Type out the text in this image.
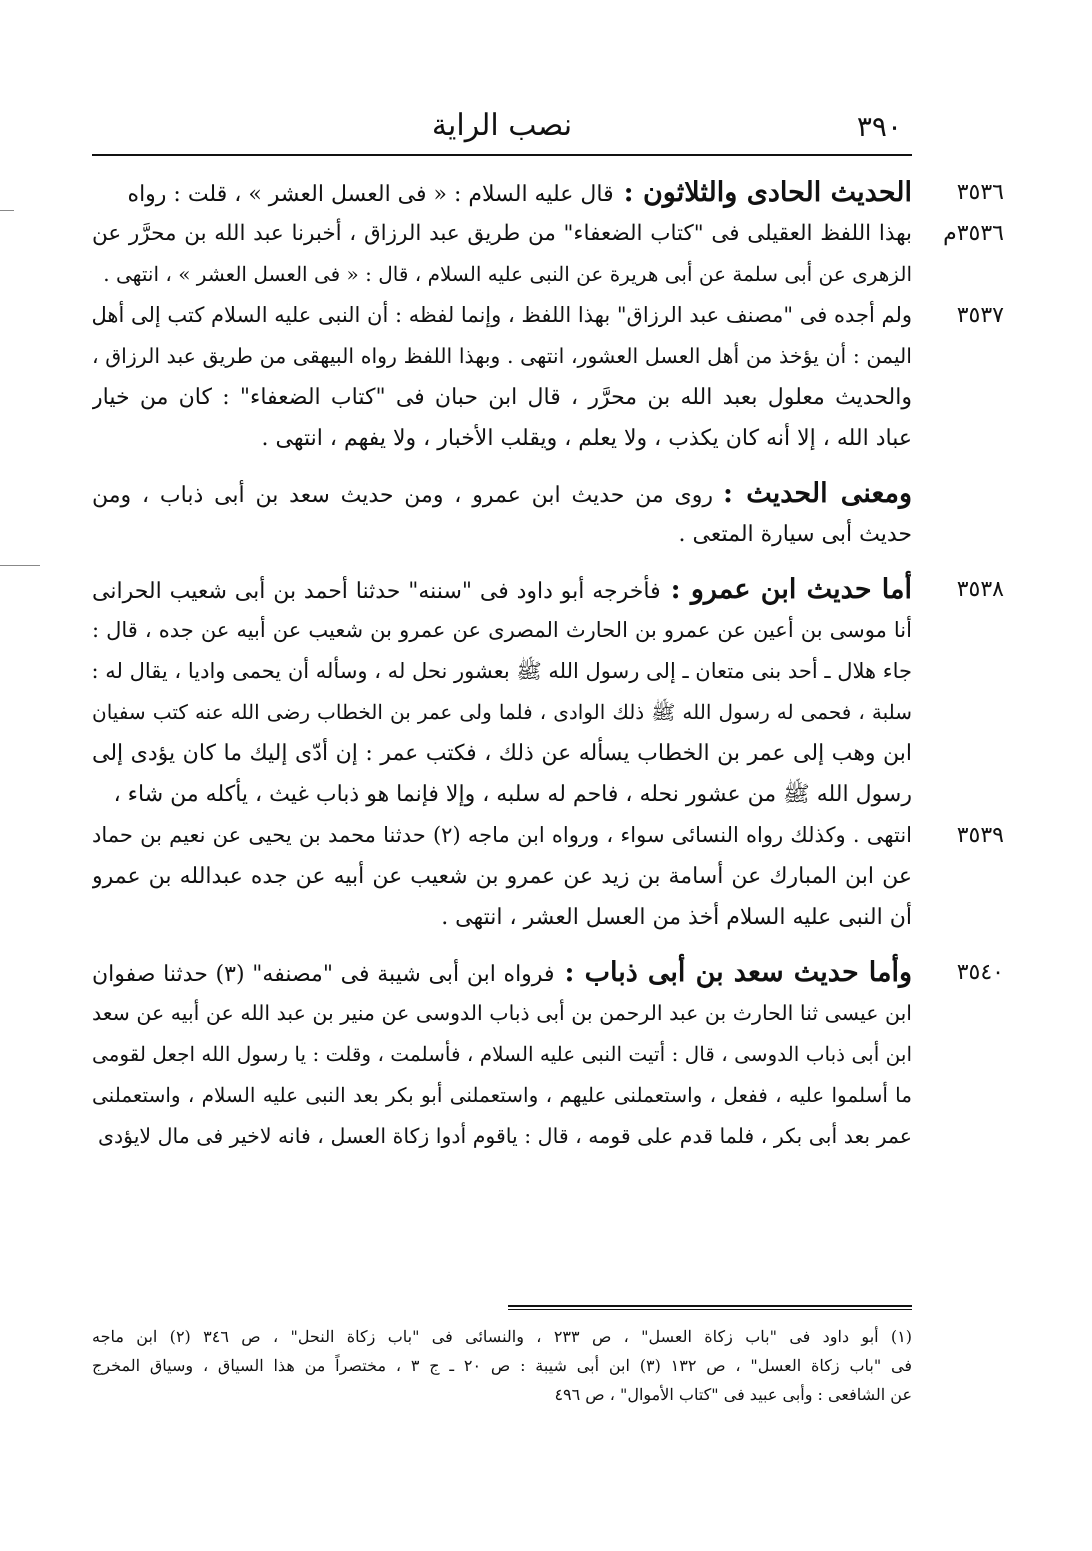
نصب الراية	٣٩٠
٣٥٣٦
الحديث الحادى والثلاثون :قال عليه السلام : « فى العسل العشر » ، قلت : رواه
٣٥٣٦م
بهذا اللفظ العقيلى فى "كتاب الضعفاء" من طريق عبد الرزاق ، أخبرنا عبد الله بن محرَّر عن
الزهرى عن أبى سلمة عن أبى هريرة عن النبى عليه السلام ، قال : « فى العسل العشر » ، انتهى .
٣٥٣٧
ولم أجده فى "مصنف عبد الرزاق" بهذا اللفظ ، وإنما لفظه : أن النبى عليه السلام كتب إلى أهل
اليمن : أن يؤخذ من أهل العسل العشور، انتهى . وبهذا اللفظ رواه البيهقى من طريق عبد الرزاق ،
والحديث معلول بعبد الله بن محرَّر ، قال ابن حبان فى "كتاب الضعفاء" : كان من خيار
عباد الله ، إلا أنه كان يكذب ، ولا يعلم ، ويقلب الأخبار ، ولا يفهم ، انتهى .
ومعنى الحديث :روى من حديث ابن عمرو ، ومن حديث سعد بن أبى ذباب ، ومن
حديث أبى سيارة المتعى .
٣٥٣٨
أما حديث ابن عمرو :فأخرجه أبو داود فى "سننه" حدثنا أحمد بن أبى شعيب الحرانى
أنا موسى بن أعين عن عمرو بن الحارث المصرى عن عمرو بن شعيب عن أبيه عن جده ، قال :
جاء هلال ـ أحد بنى متعان ـ إلى رسول الله ﷺ بعشور نحل له ، وسأله أن يحمى واديا ، يقال له :
سلبة ، فحمى له رسول الله ﷺ ذلك الوادى ، فلما ولى عمر بن الخطاب رضى الله عنه كتب سفيان
ابن وهب إلى عمر بن الخطاب يسأله عن ذلك ، فكتب عمر : إن أدّى إليك ما كان يؤدى إلى
رسول الله ﷺ من عشور نحله ، فاحم له سلبه ، وإلا فإنما هو ذباب غيث ، يأكله من شاء ،
٣٥٣٩
انتهى . وكذلك رواه النسائى سواء ، ورواه ابن ماجه (٢) حدثنا محمد بن يحيى عن نعيم بن حماد
عن ابن المبارك عن أسامة بن زيد عن عمرو بن شعيب عن أبيه عن جده عبدالله بن عمرو
أن النبى عليه السلام أخذ من العسل العشر ، انتهى .
٣٥٤٠
وأما حديث سعد بن أبى ذباب :فرواه ابن أبى شيبة فى "مصنفه" (٣) حدثنا صفوان
ابن عيسى ثنا الحارث بن عبد الرحمن بن أبى ذباب الدوسى عن منير بن عبد الله عن أبيه عن سعد
ابن أبى ذباب الدوسى ، قال : أتيت النبى عليه السلام ، فأسلمت ، وقلت : يا رسول الله اجعل لقومى
ما أسلموا عليه ، ففعل ، واستعملنى عليهم ، واستعملنى أبو بكر بعد النبى عليه السلام ، واستعملنى
عمر بعد أبى بكر ، فلما قدم على قومه ، قال : ياقوم أدوا زكاة العسل ، فانه لاخير فى مال لايؤدى
(١) أبو داود فى "باب زكاة العسل" ، ص ٢٣٣ ، والنسائى فى "باب زكاة النحل" ، ص ٣٤٦ (٢) ابن ماجه
فى "باب زكاة العسل" ، ص ١٣٢ (٣) ابن أبى شيبة : ص ٢٠ ـ ج ٣ ، مختصراً من هذا السياق ، وسياق المخرج
عن الشافعى : وأبى عبيد فى "كتاب الأموال" ، ص ٤٩٦
